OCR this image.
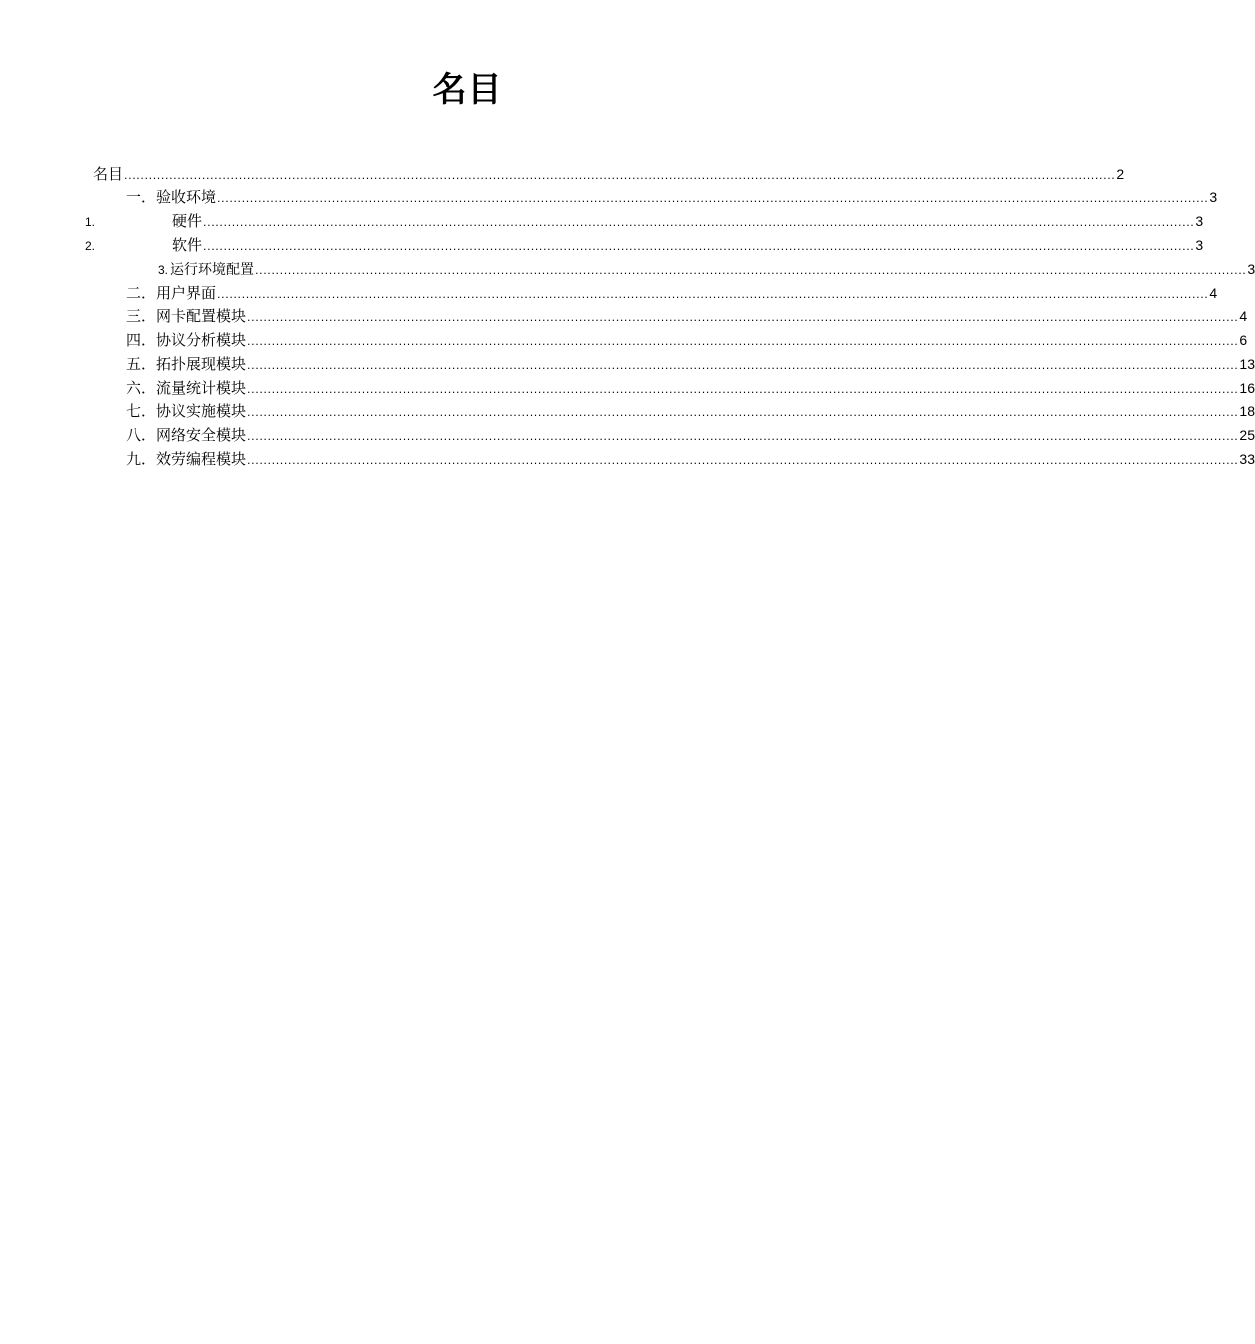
名目
名目 .................................................................................................................................................................................................................................................. 2
一． 验收环境 .................................................................................................................................................................................................................................................. 3
1.	硬件 .................................................................................................................................................................................................................................................. 3
2.	软件 .................................................................................................................................................................................................................................................. 3
3. 运行环境配置 .................................................................................................................................................................................................................................................. 3
二． 用户界面 .................................................................................................................................................................................................................................................. 4
三． 网卡配置模块 .................................................................................................................................................................................................................................................. 4
四． 协议分析模块 .................................................................................................................................................................................................................................................. 6
五． 拓扑展现模块 .................................................................................................................................................................................................................................................. 13
六． 流量统计模块 .................................................................................................................................................................................................................................................. 16
七． 协议实施模块 .................................................................................................................................................................................................................................................. 18
八． 网络安全模块 .................................................................................................................................................................................................................................................. 25
九． 效劳编程模块 .................................................................................................................................................................................................................................................. 33
